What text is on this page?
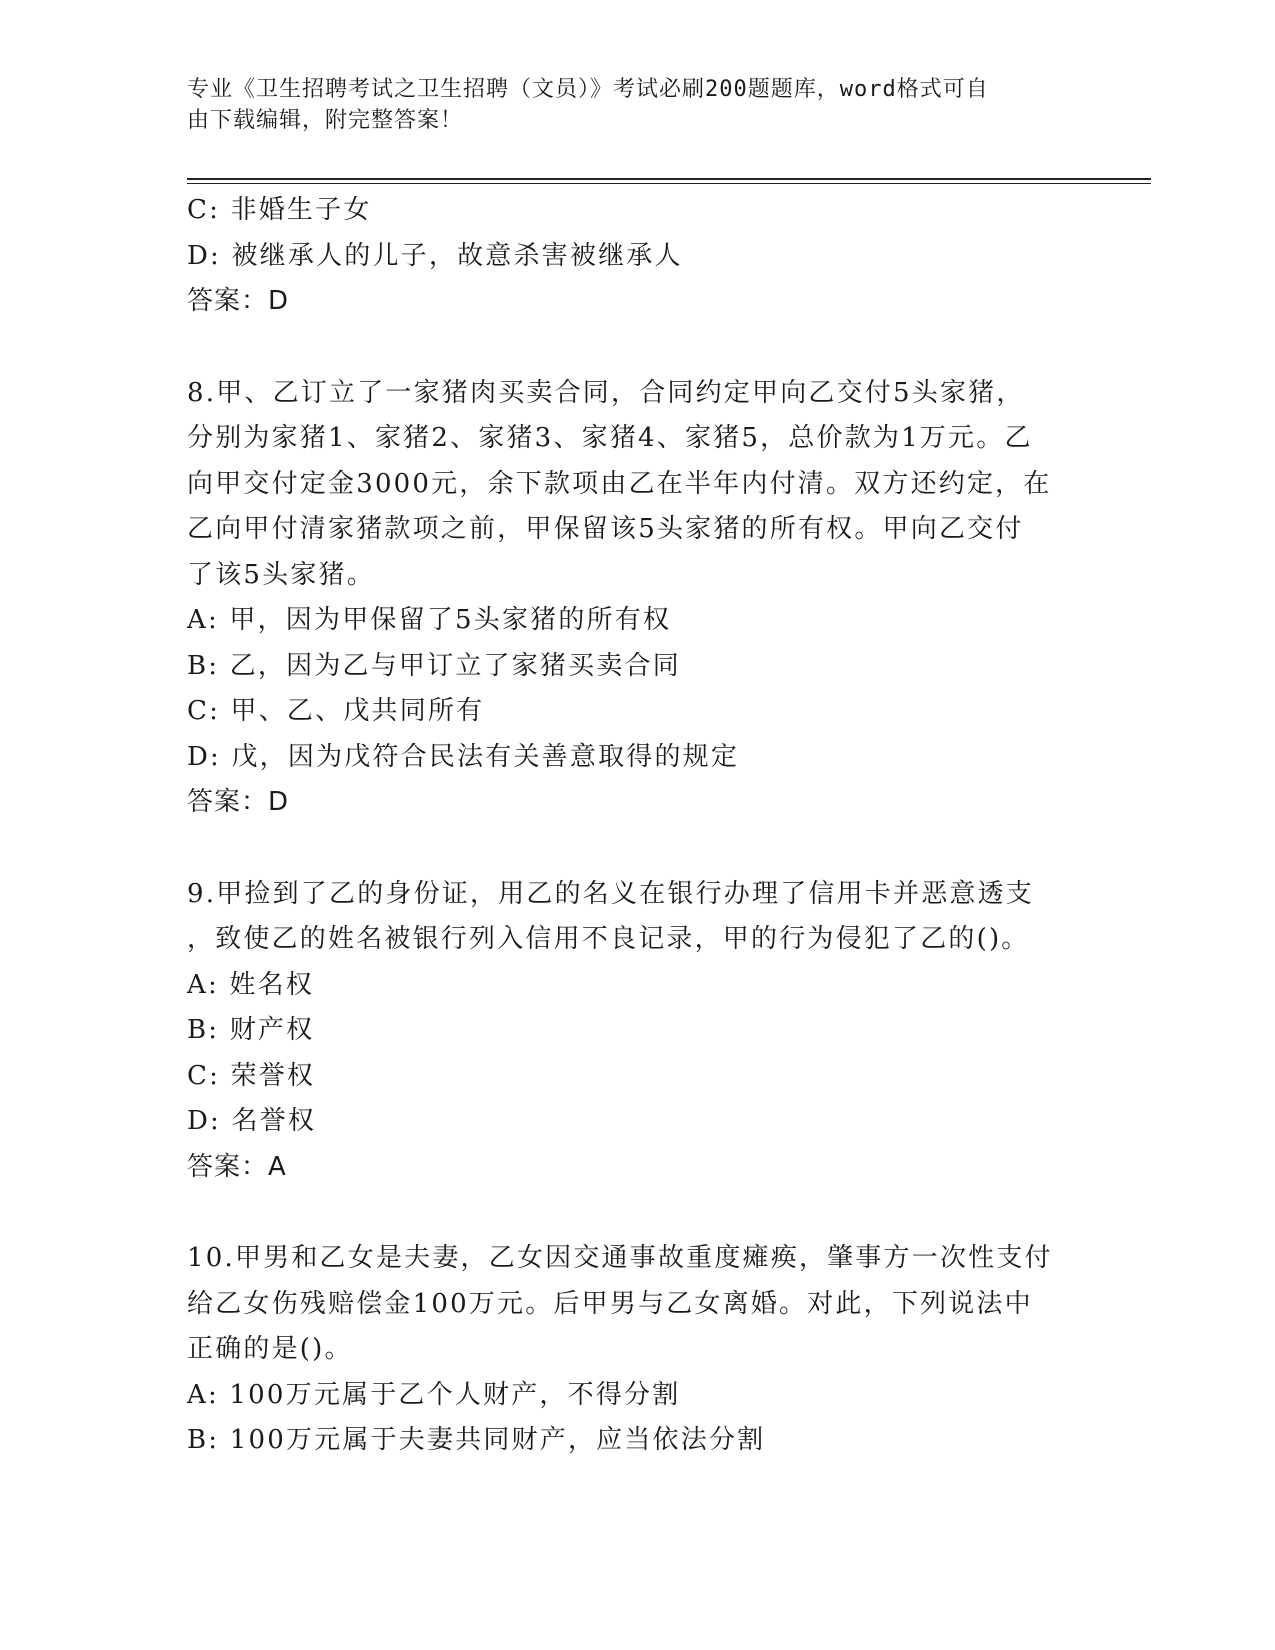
专业《卫生招聘考试之卫生招聘（文员）》考试必刷200题题库，word格式可自
由下载编辑，附完整答案！
C: 非婚生子女
D: 被继承人的儿子，故意杀害被继承人
答案：D
8.甲、乙订立了一家猪肉买卖合同，合同约定甲向乙交付5头家猪，
分别为家猪1、家猪2、家猪3、家猪4、家猪5，总价款为1万元。乙
向甲交付定金3000元，余下款项由乙在半年内付清。双方还约定，在
乙向甲付清家猪款项之前，甲保留该5头家猪的所有权。甲向乙交付
了该5头家猪。
A: 甲，因为甲保留了5头家猪的所有权
B: 乙，因为乙与甲订立了家猪买卖合同
C: 甲、乙、戊共同所有
D: 戊，因为戊符合民法有关善意取得的规定
答案：D
9.甲捡到了乙的身份证，用乙的名义在银行办理了信用卡并恶意透支
，致使乙的姓名被银行列入信用不良记录，甲的行为侵犯了乙的()。
A: 姓名权
B: 财产权
C: 荣誉权
D: 名誉权
答案：A
10.甲男和乙女是夫妻，乙女因交通事故重度瘫痪，肇事方一次性支付
给乙女伤残赔偿金100万元。后甲男与乙女离婚。对此，下列说法中
正确的是()。
A: 100万元属于乙个人财产，不得分割
B: 100万元属于夫妻共同财产，应当依法分割
